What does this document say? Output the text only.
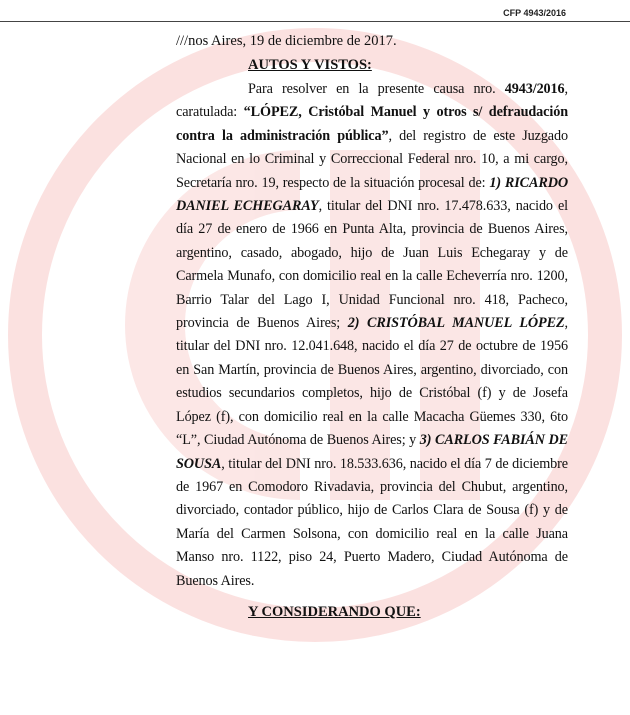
CFP 4943/2016
///nos Aires, 19 de diciembre de 2017.
AUTOS Y VISTOS:

Para resolver en la presente causa nro. 4943/2016, caratulada: “LÓPEZ, Cristóbal Manuel y otros s/ defraudación contra la administración pública”, del registro de este Juzgado Nacional en lo Criminal y Correccional Federal nro. 10, a mi cargo, Secretaría nro. 19, respecto de la situación procesal de: 1) RICARDO DANIEL ECHEGARAY, titular del DNI nro. 17.478.633, nacido el día 27 de enero de 1966 en Punta Alta, provincia de Buenos Aires, argentino, casado, abogado, hijo de Juan Luis Echegaray y de Carmela Munafo, con domicilio real en la calle Echeverría nro. 1200, Barrio Talar del Lago I, Unidad Funcional nro. 418, Pacheco, provincia de Buenos Aires; 2) CRISTÓBAL MANUEL LÓPEZ, titular del DNI nro. 12.041.648, nacido el día 27 de octubre de 1956 en San Martín, provincia de Buenos Aires, argentino, divorciado, con estudios secundarios completos, hijo de Cristóbal (f) y de Josefa López (f), con domicilio real en la calle Macacha Güemes 330, 6to “L”, Ciudad Autónoma de Buenos Aires; y 3) CARLOS FABIÁN DE SOUSA, titular del DNI nro. 18.533.636, nacido el día 7 de diciembre de 1967 en Comodoro Rivadavia, provincia del Chubut, argentino, divorciado, contador público, hijo de Carlos Clara de Sousa (f) y de María del Carmen Solsona, con domicilio real en la calle Juana Manso nro. 1122, piso 24, Puerto Madero, Ciudad Autónoma de Buenos Aires.

Y CONSIDERANDO QUE:
